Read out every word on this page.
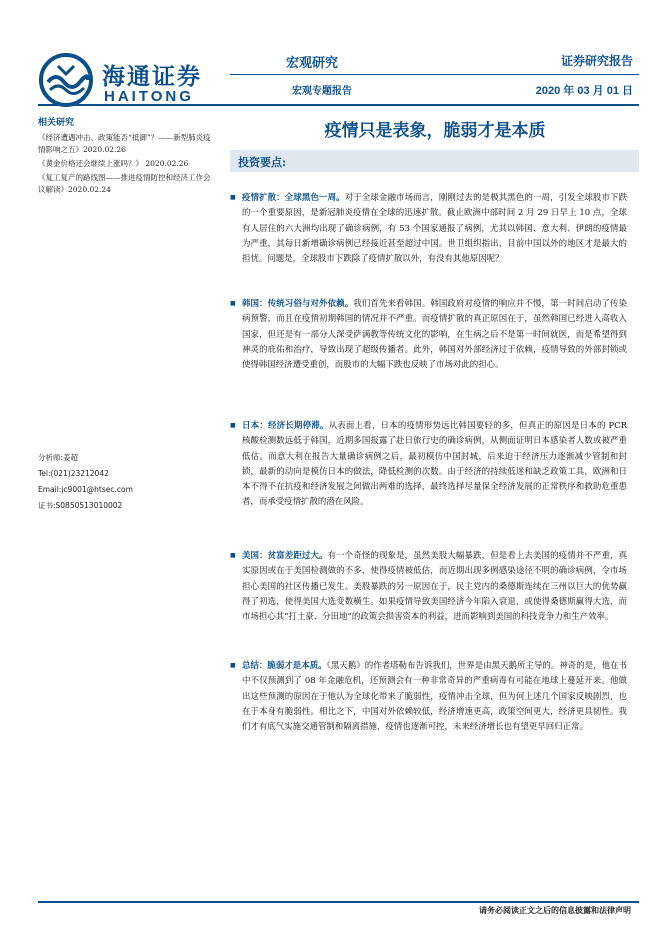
海通证券
HAITONG
宏观研究
宏观专题报告
证券研究报告
2020 年 03 月 01 日
相关研究
《经济遭遇冲击、政策能否“抵御”？——新型肺炎疫情影响之五》2020.02.26
《黄金价格还会继续上涨吗？》 2020.02.26
《复工复产的路线图——推进疫情防控和经济工作会议解读》2020.02.24
分析师:姜超
Tel:(021)23212042
Email:jc9001@htsec.com
证书:S0850513010002
疫情只是表象，脆弱才是本质
投资要点:
■ 疫情扩散：全球黑色一周。对于全球金融市场而言，刚刚过去的是极其黑色的一周，引发全球股市下跌的一个重要原因，是新冠肺炎疫情在全球的迅速扩散。截止欧洲中部时间 2 月 29 日早上 10 点，全球有人居住的六大洲均出现了确诊病例，有 53 个国家通报了病例，尤其以韩国、意大利、伊朗的疫情最为严重，其每日新增确诊病例已经接近甚至超过中国。世卫组织指出，目前中国以外的地区才是最大的担忧。问题是，全球股市下跌除了疫情扩散以外，有没有其他原因呢？
■ 韩国：传统习俗与对外依赖。我们首先来看韩国。韩国政府对疫情的响应并不慢，第一时间启动了传染病预警，而且在疫情初期韩国的情况并不严重。而疫情扩散的真正原因在于，虽然韩国已经进入高收入国家，但还是有一部分人深受萨满教等传统文化的影响，在生病之后不是第一时间就医，而是希望得到神灵的庇佑和治疗，导致出现了超级传播者。此外，韩国对外部经济过于依赖，疫情导致的外部封锁或使得韩国经济遭受重创，而股市的大幅下跌也反映了市场对此的担心。
■ 日本：经济长期停滞。从表面上看，日本的疫情形势远比韩国要轻的多，但真正的原因是日本的 PCR 核酸检测数远低于韩国，近期多国报露了赴日旅行史的确诊病例，从侧面证明日本感染者人数或被严重低估。而意大利在报告大量确诊病例之后，最初模仿中国封城，后来迫于经济压力逐渐减少管制和封锁，最新的动向是模仿日本的做法，降低检测的次数。由于经济的持续低迷和缺乏政策工具，欧洲和日本不得不在抗疫和经济发展之间做出两难的选择，最终选择尽量保全经济发展的正常秩序和救助危重患者，而承受疫情扩散的潜在风险。
■ 美国：贫富差距过大。有一个奇怪的现象是，虽然美股大幅暴跌，但是看上去美国的疫情并不严重，真实原因或在于美国检测做的不多，使得疫情被低估，而近期出现多例感染途径不明的确诊病例，令市场担心美国的社区传播已发生。美股暴跌的另一原因在于，民主党内的桑德斯连续在三州以巨大的优势赢得了初选，使得美国大选变数横生。如果疫情导致美国经济今年陷入衰退，或使得桑德斯赢得大选，而市场担心其“打土豪、分田地”的政策会损害资本的利益，进而影响到美国的科技竞争力和生产效率。
■ 总结：脆弱才是本质。《黑天鹅》的作者塔勒布告诉我们，世界是由黑天鹅所主导的。神奇的是，他在书中不仅预测到了 08 年金融危机，还预测会有一种非常奇异的严重病毒有可能在地球上蔓延开来。他做出这些预测的原因在于他认为全球化带来了脆弱性，疫情冲击全球，但为何上述几个国家反映剧烈，也在于本身有脆弱性。相比之下，中国对外依赖较低，经济增速更高，政策空间更大，经济更具韧性。我们才有底气实施交通管制和隔离措施，疫情也逐渐可控，未来经济增长也有望更早回归正常。
请务必阅读正文之后的信息披露和法律声明
